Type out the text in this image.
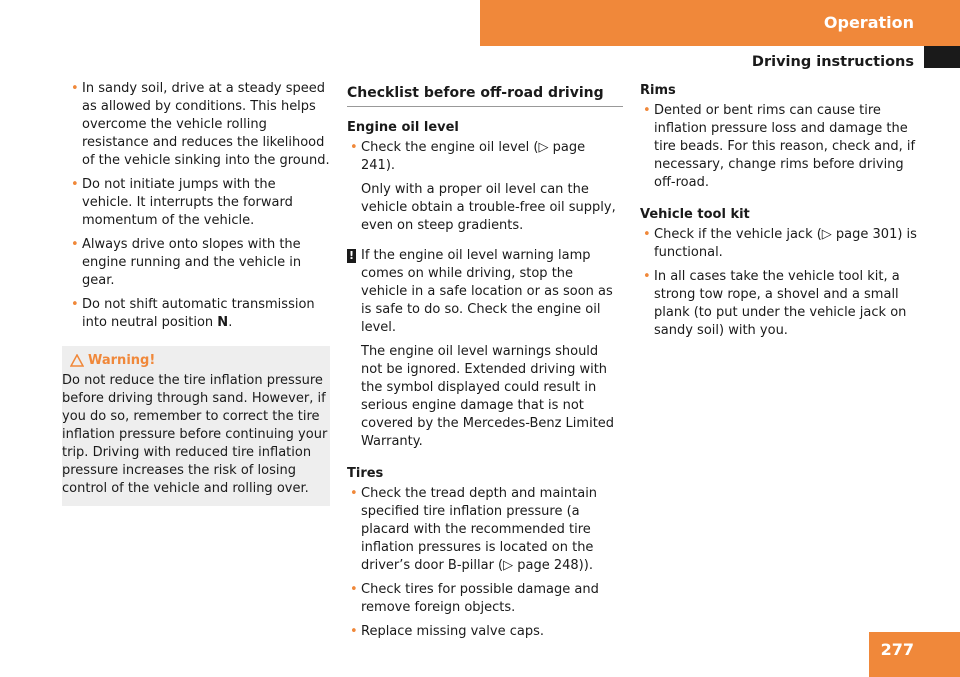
Operation
Driving instructions
• In sandy soil, drive at a steady speed as allowed by conditions. This helps overcome the vehicle rolling resistance and reduces the likelihood of the vehicle sinking into the ground.
• Do not initiate jumps with the vehicle. It interrupts the forward momentum of the vehicle.
• Always drive onto slopes with the engine running and the vehicle in gear.
• Do not shift automatic transmission into neutral position N.
Warning!
Do not reduce the tire inflation pressure before driving through sand. However, if you do so, remember to correct the tire inflation pressure before continuing your trip. Driving with reduced tire inflation pressure increases the risk of losing control of the vehicle and rolling over.
Checklist before off-road driving
Engine oil level
• Check the engine oil level (▷ page 241).
Only with a proper oil level can the vehicle obtain a trouble-free oil supply, even on steep gradients.
! If the engine oil level warning lamp comes on while driving, stop the vehicle in a safe location or as soon as is safe to do so. Check the engine oil level.
The engine oil level warnings should not be ignored. Extended driving with the symbol displayed could result in serious engine damage that is not covered by the Mercedes-Benz Limited Warranty.
Tires
• Check the tread depth and maintain specified tire inflation pressure (a placard with the recommended tire inflation pressures is located on the driver’s door B-pillar (▷ page 248)).
• Check tires for possible damage and remove foreign objects.
• Replace missing valve caps.
Rims
• Dented or bent rims can cause tire inflation pressure loss and damage the tire beads. For this reason, check and, if necessary, change rims before driving off-road.
Vehicle tool kit
• Check if the vehicle jack (▷ page 301) is functional.
• In all cases take the vehicle tool kit, a strong tow rope, a shovel and a small plank (to put under the vehicle jack on sandy soil) with you.
277
